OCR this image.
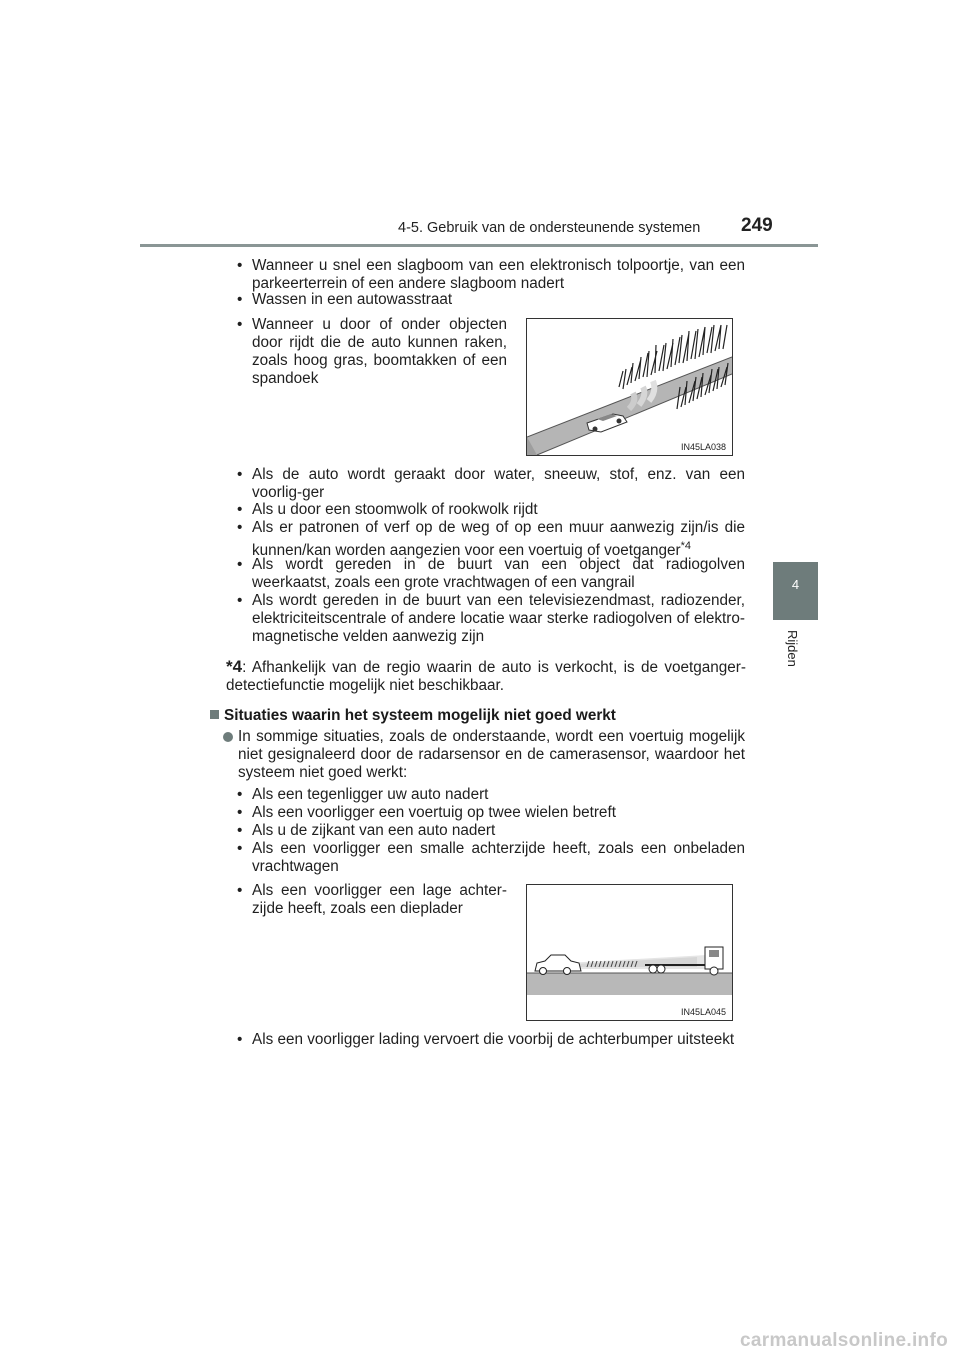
4-5. Gebruik van de ondersteunende systemen 249
4
Rijden
• Wanneer u snel een slagboom van een elektronisch tolpoortje, van een parkeerterrein of een andere slagboom nadert
• Wassen in een autowasstraat
• Wanneer u door of onder objecten door rijdt die de auto kunnen raken, zoals hoog gras, boomtakken of een spandoek
IN45LA038
• Als de auto wordt geraakt door water, sneeuw, stof, enz. van een voorlig-ger
• Als u door een stoomwolk of rookwolk rijdt
• Als er patronen of verf op de weg of op een muur aanwezig zijn/is die kunnen/kan worden aangezien voor een voertuig of voetganger$^{*4}$
• Als wordt gereden in de buurt van een object dat radiogolven weerkaatst, zoals een grote vrachtwagen of een vangrail
• Als wordt gereden in de buurt van een televisiezendmast, radiozender, elektriciteitscentrale of andere locatie waar sterke radiogolven of elektro-magnetische velden aanwezig zijn
*4: Afhankelijk van de regio waarin de auto is verkocht, is de voetganger-detectiefunctie mogelijk niet beschikbaar.
Situaties waarin het systeem mogelijk niet goed werkt
In sommige situaties, zoals de onderstaande, wordt een voertuig mogelijk niet gesignaleerd door de radarsensor en de camerasensor, waardoor het systeem niet goed werkt:
• Als een tegenligger uw auto nadert
• Als een voorligger een voertuig op twee wielen betreft
• Als u de zijkant van een auto nadert
• Als een voorligger een smalle achterzijde heeft, zoals een onbeladen vrachtwagen
• Als een voorligger een lage achter-zijde heeft, zoals een dieplader
IN45LA045
• Als een voorligger lading vervoert die voorbij de achterbumper uitsteekt
carmanualsonline.info
